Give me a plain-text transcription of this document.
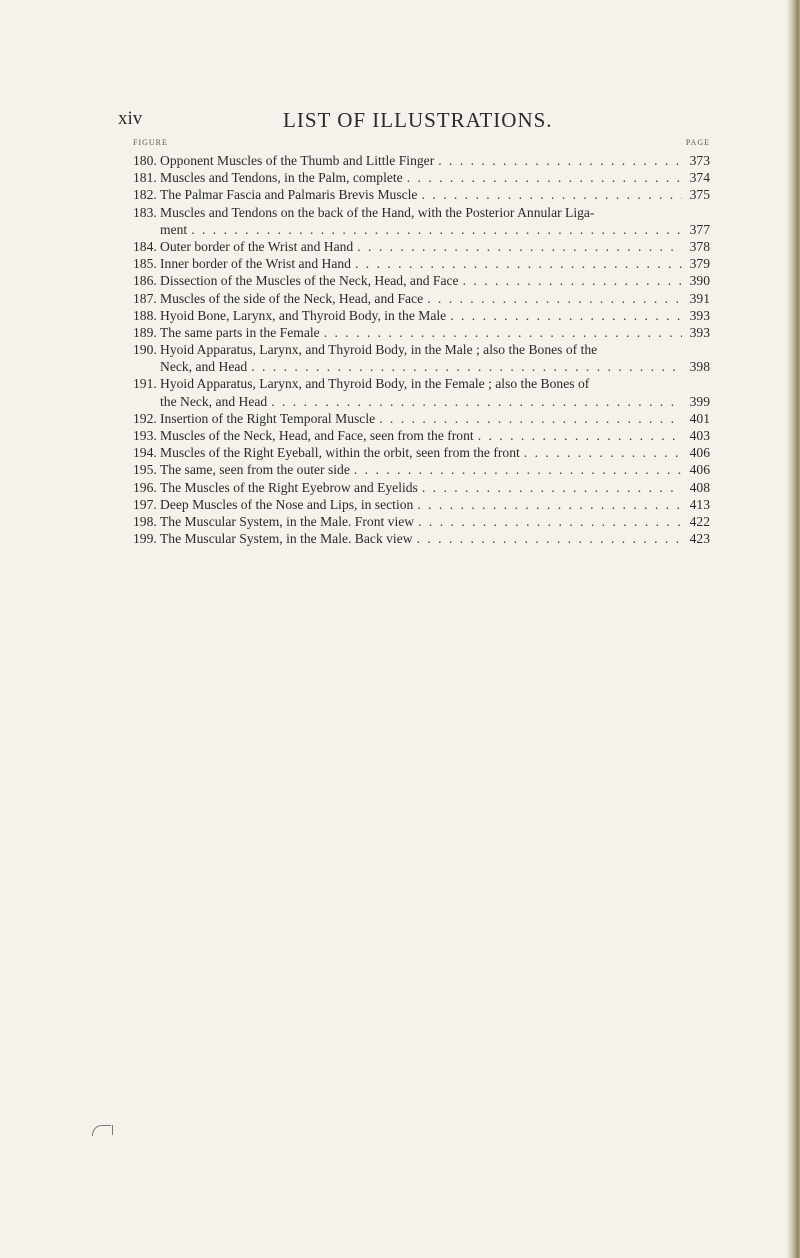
xiv	LIST OF ILLUSTRATIONS.
FIGURE	PAGE
180. Opponent Muscles of the Thumb and Little Finger . . .	373
181. Muscles and Tendons, in the Palm, complete . . .	374
182. The Palmar Fascia and Palmaris Brevis Muscle . . .	375
183. Muscles and Tendons on the back of the Hand, with the Posterior Annular Liga-
ment . . .	377
184. Outer border of the Wrist and Hand . . .	378
185. Inner border of the Wrist and Hand . . .	379
186. Dissection of the Muscles of the Neck, Head, and Face . . .	390
187. Muscles of the side of the Neck, Head, and Face . . .	391
188. Hyoid Bone, Larynx, and Thyroid Body, in the Male . . .	393
189. The same parts in the Female . . .	393
190. Hyoid Apparatus, Larynx, and Thyroid Body, in the Male ; also the Bones of the
Neck, and Head . . .	398
191. Hyoid Apparatus, Larynx, and Thyroid Body, in the Female ; also the Bones of
the Neck, and Head . . .	399
192. Insertion of the Right Temporal Muscle . . .	401
193. Muscles of the Neck, Head, and Face, seen from the front . . .	403
194. Muscles of the Right Eyeball, within the orbit, seen from the front . . .	406
195. The same, seen from the outer side . . .	406
196. The Muscles of the Right Eyebrow and Eyelids . . .	408
197. Deep Muscles of the Nose and Lips, in section . . .	413
198. The Muscular System, in the Male. Front view . . .	422
199. The Muscular System, in the Male. Back view . . .	423
